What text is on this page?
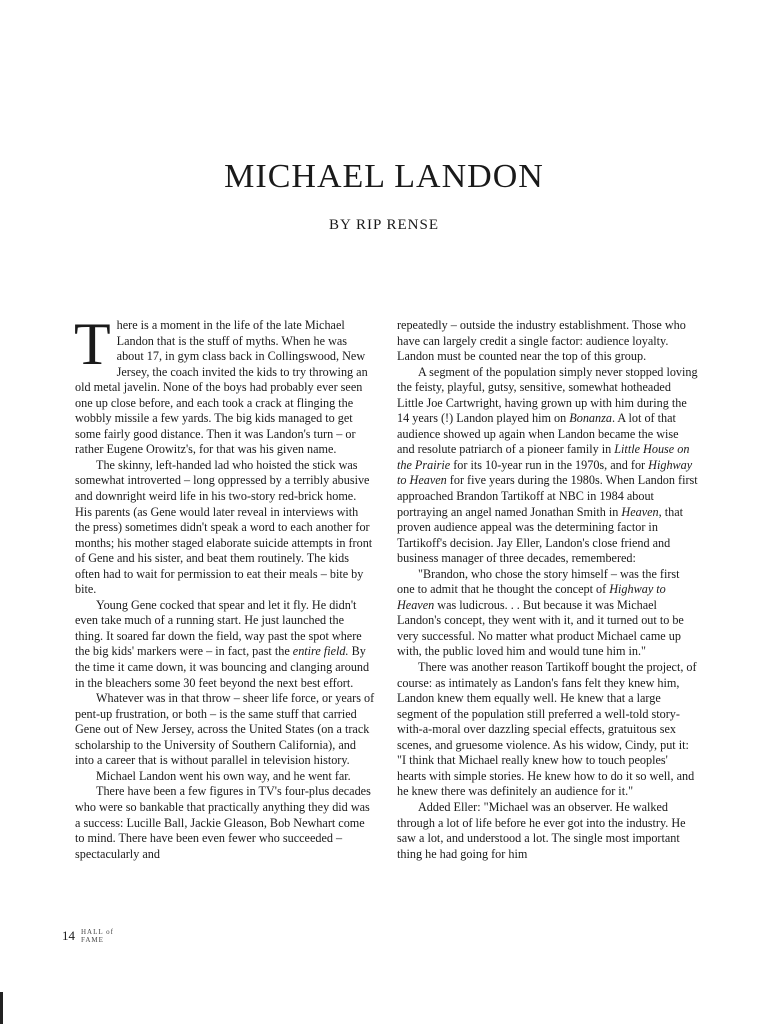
MICHAEL LANDON
BY RIP RENSE

There is a moment in the life of the late Michael Landon that is the stuff of myths. When he was about 17, in gym class back in Collingswood, New Jersey, the coach invited the kids to try throwing an old metal javelin. None of the boys had probably ever seen one up close before, and each took a crack at flinging the wobbly missile a few yards. The big kids managed to get some fairly good distance. Then it was Landon's turn – or rather Eugene Orowitz's, for that was his given name.

The skinny, left-handed lad who hoisted the stick was somewhat introverted – long oppressed by a terribly abusive and downright weird life in his two-story red-brick home. His parents (as Gene would later reveal in interviews with the press) sometimes didn't speak a word to each another for months; his mother staged elaborate suicide attempts in front of Gene and his sister, and beat them routinely. The kids often had to wait for permission to eat their meals – bite by bite.

Young Gene cocked that spear and let it fly. He didn't even take much of a running start. He just launched the thing. It soared far down the field, way past the spot where the big kids' markers were – in fact, past the entire field. By the time it came down, it was bouncing and clanging around in the bleachers some 30 feet beyond the next best effort.

Whatever was in that throw – sheer life force, or years of pent-up frustration, or both – is the same stuff that carried Gene out of New Jersey, across the United States (on a track scholarship to the University of Southern California), and into a career that is without parallel in television history.

Michael Landon went his own way, and he went far.

There have been a few figures in TV's four-plus decades who were so bankable that practically anything they did was a success: Lucille Ball, Jackie Gleason, Bob Newhart come to mind. There have been even fewer who succeeded – spectacularly and

repeatedly – outside the industry establishment. Those who have can largely credit a single factor: audience loyalty. Landon must be counted near the top of this group.

A segment of the population simply never stopped loving the feisty, playful, gutsy, sensitive, somewhat hotheaded Little Joe Cartwright, having grown up with him during the 14 years (!) Landon played him on Bonanza. A lot of that audience showed up again when Landon became the wise and resolute patriarch of a pioneer family in Little House on the Prairie for its 10-year run in the 1970s, and for Highway to Heaven for five years during the 1980s. When Landon first approached Brandon Tartikoff at NBC in 1984 about portraying an angel named Jonathan Smith in Heaven, that proven audience appeal was the determining factor in Tartikoff's decision. Jay Eller, Landon's close friend and business manager of three decades, remembered:

"Brandon, who chose the story himself – was the first one to admit that he thought the concept of Highway to Heaven was ludicrous. . . But because it was Michael Landon's concept, they went with it, and it turned out to be very successful. No matter what product Michael came up with, the public loved him and would tune him in."

There was another reason Tartikoff bought the project, of course: as intimately as Landon's fans felt they knew him, Landon knew them equally well. He knew that a large segment of the population still preferred a well-told story-with-a-moral over dazzling special effects, gratuitous sex scenes, and gruesome violence. As his widow, Cindy, put it: "I think that Michael really knew how to touch peoples' hearts with simple stories. He knew how to do it so well, and he knew there was definitely an audience for it."

Added Eller: "Michael was an observer. He walked through a lot of life before he ever got into the industry. He saw a lot, and understood a lot. The single most important thing he had going for him

14 HALL of
FAME
